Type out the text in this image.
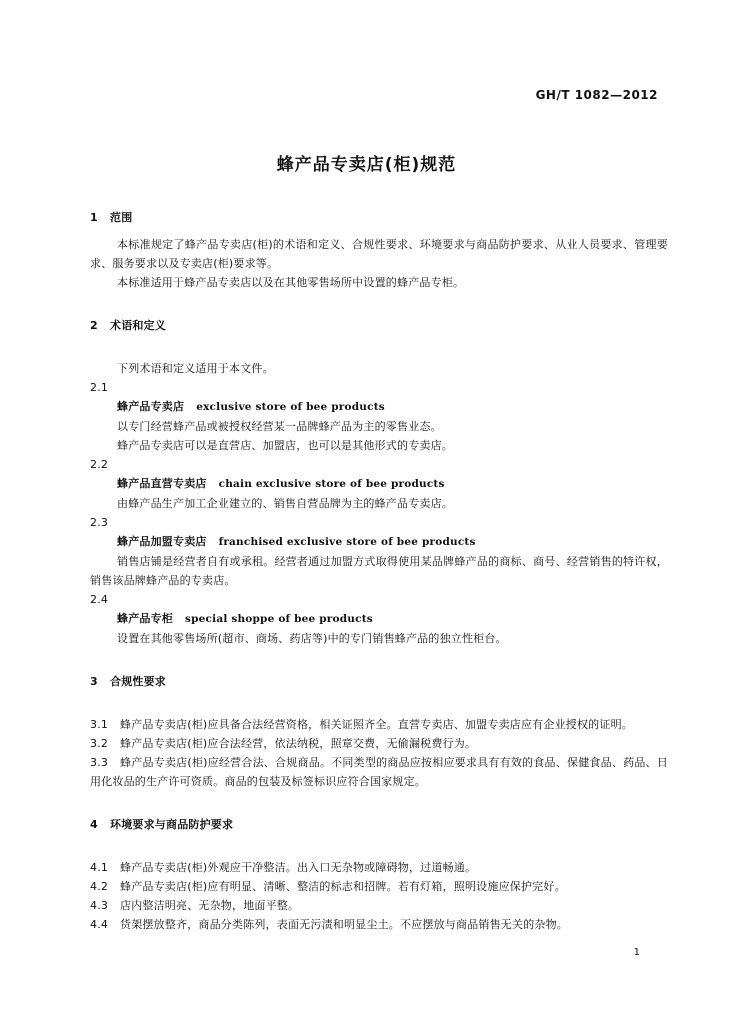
GH/T 1082—2012
蜂产品专卖店(柜)规范
1 范围
本标准规定了蜂产品专卖店(柜)的术语和定义、合规性要求、环境要求与商品防护要求、从业人员要求、管理要求、服务要求以及专卖店(柜)要求等。
本标准适用于蜂产品专卖店以及在其他零售场所中设置的蜂产品专柜。
2 术语和定义
下列术语和定义适用于本文件。
2.1
蜂产品专卖店 exclusive store of bee products
以专门经营蜂产品或被授权经营某一品牌蜂产品为主的零售业态。
蜂产品专卖店可以是直营店、加盟店，也可以是其他形式的专卖店。
2.2
蜂产品直营专卖店 chain exclusive store of bee products
由蜂产品生产加工企业建立的、销售自营品牌为主的蜂产品专卖店。
2.3
蜂产品加盟专卖店 franchised exclusive store of bee products
销售店铺是经营者自有或承租。经营者通过加盟方式取得使用某品牌蜂产品的商标、商号、经营销售的特许权，销售该品牌蜂产品的专卖店。
2.4
蜂产品专柜 special shoppe of bee products
设置在其他零售场所(超市、商场、药店等)中的专门销售蜂产品的独立性柜台。
3 合规性要求
3.1 蜂产品专卖店(柜)应具备合法经营资格，相关证照齐全。直营专卖店、加盟专卖店应有企业授权的证明。
3.2 蜂产品专卖店(柜)应合法经营，依法纳税，照章交费，无偷漏税费行为。
3.3 蜂产品专卖店(柜)应经营合法、合规商品。不同类型的商品应按相应要求具有有效的食品、保健食品、药品、日用化妆品的生产许可资质。商品的包装及标签标识应符合国家规定。
4 环境要求与商品防护要求
4.1 蜂产品专卖店(柜)外观应干净整洁。出入口无杂物或障碍物，过道畅通。
4.2 蜂产品专卖店(柜)应有明显、清晰、整洁的标志和招牌。若有灯箱，照明设施应保护完好。
4.3 店内整洁明亮、无杂物，地面平整。
4.4 货架摆放整齐，商品分类陈列，表面无污渍和明显尘土。不应摆放与商品销售无关的杂物。
1
